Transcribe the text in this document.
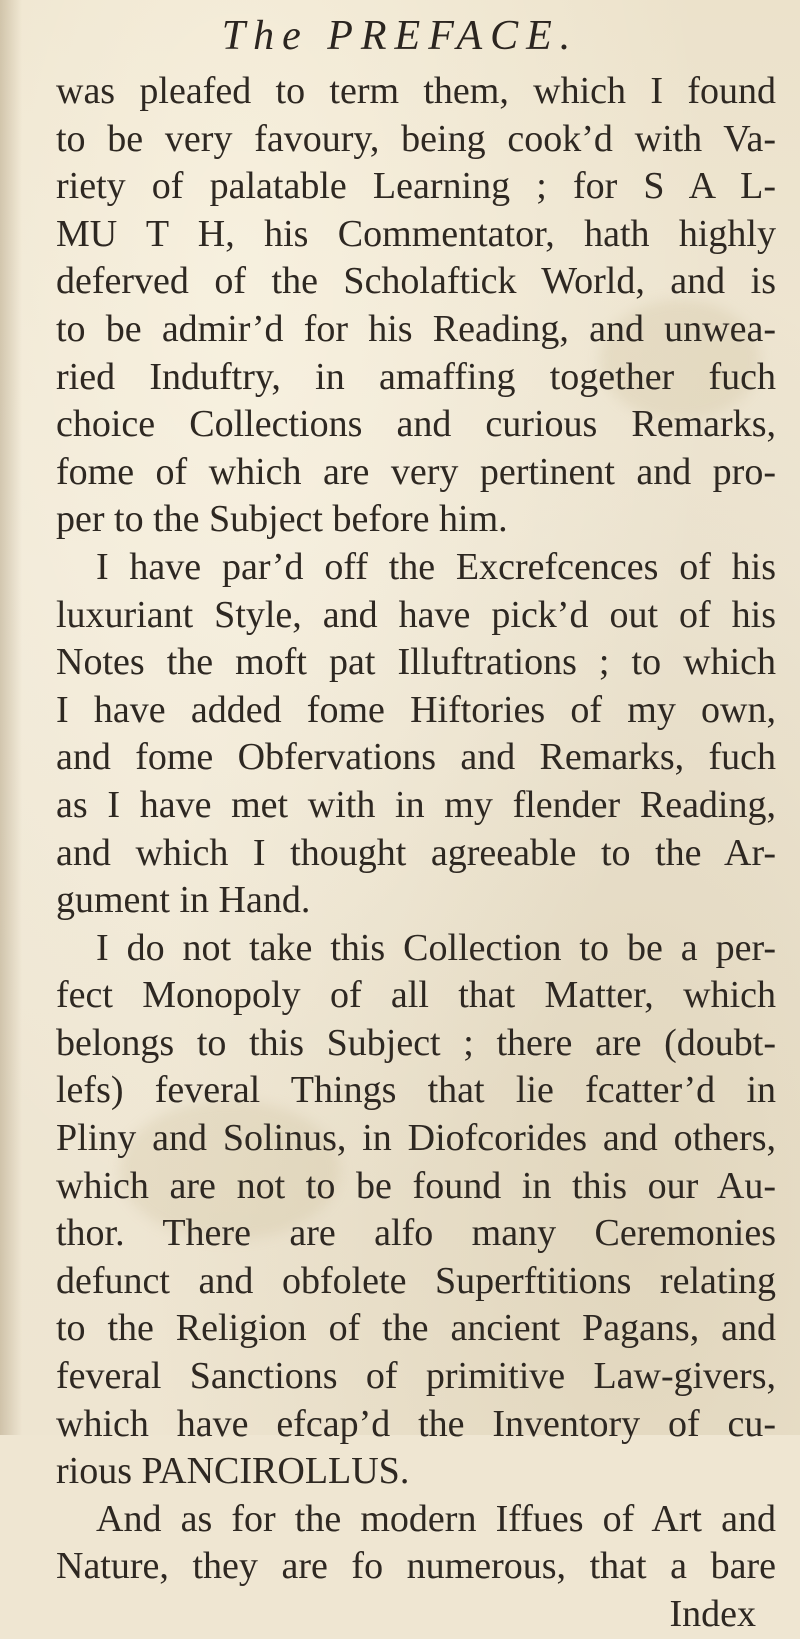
The PREFACE.
was pleafed to term them, which I found
to be very favoury, being cook’d with Va-
riety of palatable Learning ; for S A L-
MU T H, his Commentator, hath highly
deferved of the Scholaftick World, and is
to be admir’d for his Reading, and unwea-
ried Induftry, in amaffing together fuch
choice Collections and curious Remarks,
fome of which are very pertinent and pro-
per to the Subject before him.
I have par’d off the Excrefcences of his
luxuriant Style, and have pick’d out of his
Notes the moft pat Illuftrations ; to which
I have added fome Hiftories of my own,
and fome Obfervations and Remarks, fuch
as I have met with in my flender Reading,
and which I thought agreeable to the Ar-
gument in Hand.
I do not take this Collection to be a per-
fect Monopoly of all that Matter, which
belongs to this Subject ; there are (doubt-
lefs) feveral Things that lie fcatter’d in
Pliny and Solinus, in Diofcorides and others,
which are not to be found in this our Au-
thor. There are alfo many Ceremonies
defunct and obfolete Superftitions relating
to the Religion of the ancient Pagans, and
feveral Sanctions of primitive Law-givers,
which have efcap’d the Inventory of cu-
rious PANCIROLLUS.
And as for the modern Iffues of Art and
Nature, they are fo numerous, that a bare
Index
